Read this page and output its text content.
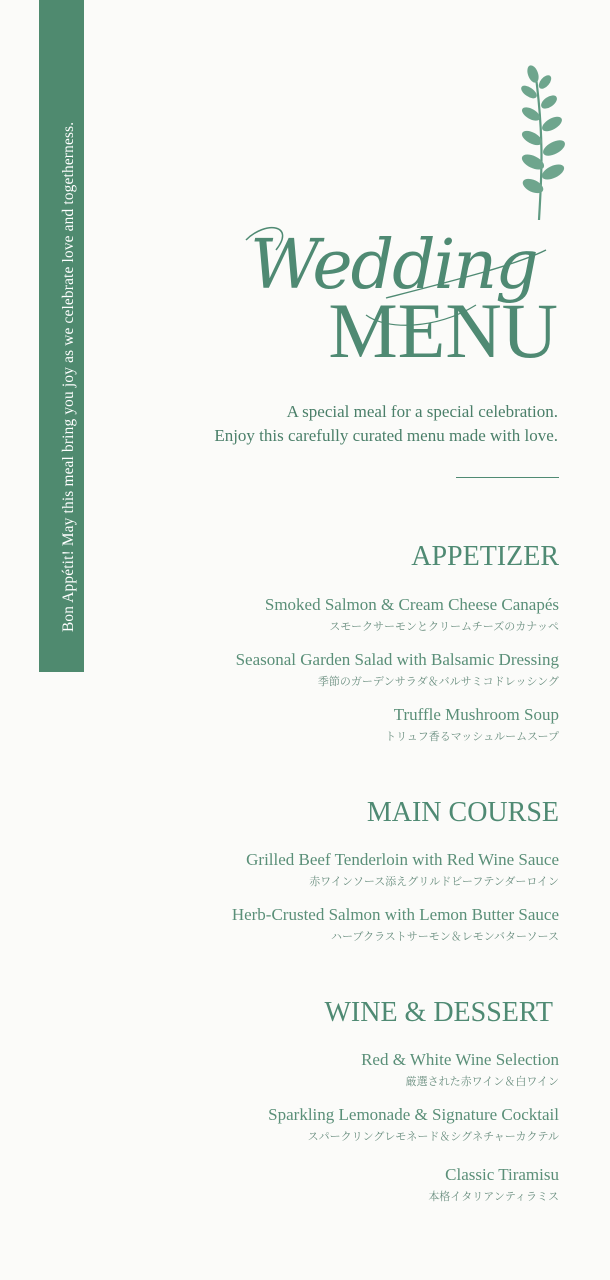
Bon Appétit! May this meal bring you joy as we celebrate love and togetherness.	Wedding
MENU
A special meal for a special celebration.
Enjoy this carefully curated menu made with love.
APPETIZER
Smoked Salmon & Cream Cheese Canapés
スモークサーモンとクリームチーズのカナッペ
Seasonal Garden Salad with Balsamic Dressing
季節のガーデンサラダ＆バルサミコドレッシング
Truffle Mushroom Soup
トリュフ香るマッシュルームスープ
MAIN COURSE
Grilled Beef Tenderloin with Red Wine Sauce
赤ワインソース添えグリルドビーフテンダーロイン
Herb-Crusted Salmon with Lemon Butter Sauce
ハーブクラストサーモン＆レモンバターソース
WINE & DESSERT
Red & White Wine Selection
厳選された赤ワイン＆白ワイン
Sparkling Lemonade & Signature Cocktail
スパークリングレモネード＆シグネチャーカクテル
Classic Tiramisu
本格イタリアンティラミス
